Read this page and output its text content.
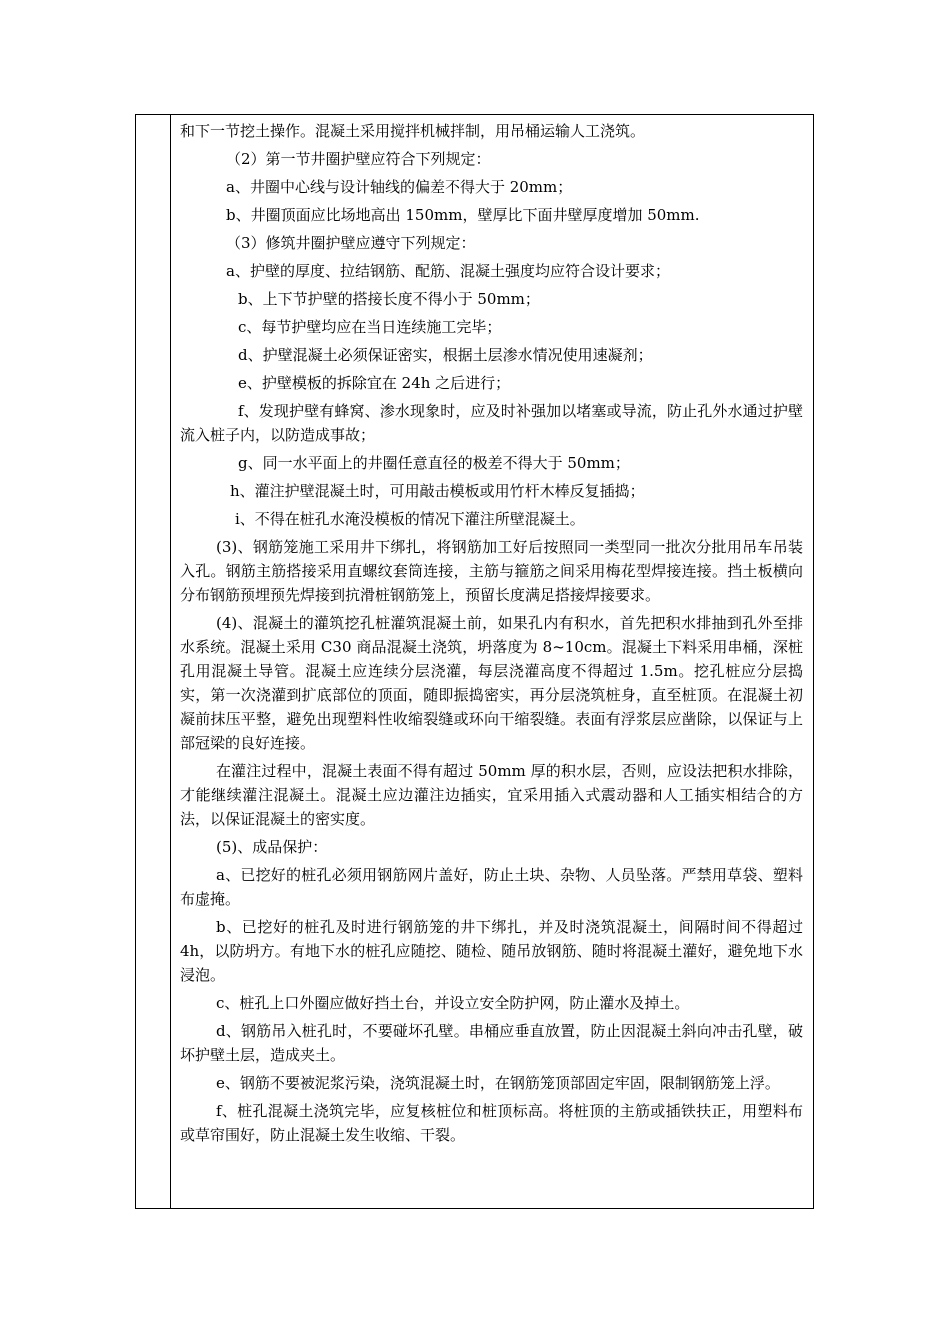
和下一节挖土操作。混凝土采用搅拌机械拌制，用吊桶运输人工浇筑。

（2）第一节井圈护壁应符合下列规定：

a、井圈中心线与设计轴线的偏差不得大于 20mm；

b、井圈顶面应比场地高出 150mm，壁厚比下面井壁厚度增加 50mm.

（3）修筑井圈护壁应遵守下列规定：

a、护壁的厚度、拉结钢筋、配筋、混凝土强度均应符合设计要求；

b、上下节护壁的搭接长度不得小于 50mm；

c、每节护壁均应在当日连续施工完毕；

d、护壁混凝土必须保证密实，根据土层渗水情况使用速凝剂；

e、护壁模板的拆除宜在 24h 之后进行；

f、发现护壁有蜂窝、渗水现象时，应及时补强加以堵塞或导流，防止孔外水通过护壁流入桩子内，以防造成事故；

g、同一水平面上的井圈任意直径的极差不得大于 50mm；

h、灌注护壁混凝土时，可用敲击模板或用竹杆木棒反复插捣；

i、不得在桩孔水淹没模板的情况下灌注所壁混凝土。

(3)、钢筋笼施工采用井下绑扎，将钢筋加工好后按照同一类型同一批次分批用吊车吊装入孔。钢筋主筋搭接采用直螺纹套筒连接，主筋与箍筋之间采用梅花型焊接连接。挡土板横向分布钢筋预埋预先焊接到抗滑桩钢筋笼上，预留长度满足搭接焊接要求。

(4)、混凝土的灌筑挖孔桩灌筑混凝土前，如果孔内有积水，首先把积水排抽到孔外至排水系统。混凝土采用 C30 商品混凝土浇筑，坍落度为 8~10cm。混凝土下料采用串桶，深桩孔用混凝土导管。混凝土应连续分层浇灌，每层浇灌高度不得超过 1.5m。挖孔桩应分层捣实，第一次浇灌到扩底部位的顶面，随即振捣密实，再分层浇筑桩身，直至桩顶。在混凝土初凝前抹压平整，避免出现塑料性收缩裂缝或环向干缩裂缝。表面有浮浆层应凿除，以保证与上部冠梁的良好连接。

在灌注过程中，混凝土表面不得有超过 50mm 厚的积水层，否则，应设法把积水排除，才能继续灌注混凝土。混凝土应边灌注边插实，宜采用插入式震动器和人工插实相结合的方法，以保证混凝土的密实度。

(5)、成品保护：

a、已挖好的桩孔必须用钢筋网片盖好，防止土块、杂物、人员坠落。严禁用草袋、塑料布虚掩。

b、已挖好的桩孔及时进行钢筋笼的井下绑扎，并及时浇筑混凝土，间隔时间不得超过 4h，以防坍方。有地下水的桩孔应随挖、随检、随吊放钢筋、随时将混凝土灌好，避免地下水浸泡。

c、桩孔上口外圈应做好挡土台，并设立安全防护网，防止灌水及掉土。

d、钢筋吊入桩孔时，不要碰坏孔壁。串桶应垂直放置，防止因混凝土斜向冲击孔壁，破坏护壁土层，造成夹土。

e、钢筋不要被泥浆污染，浇筑混凝土时，在钢筋笼顶部固定牢固，限制钢筋笼上浮。

f、桩孔混凝土浇筑完毕，应复核桩位和桩顶标高。将桩顶的主筋或插铁扶正，用塑料布或草帘围好，防止混凝土发生收缩、干裂。
